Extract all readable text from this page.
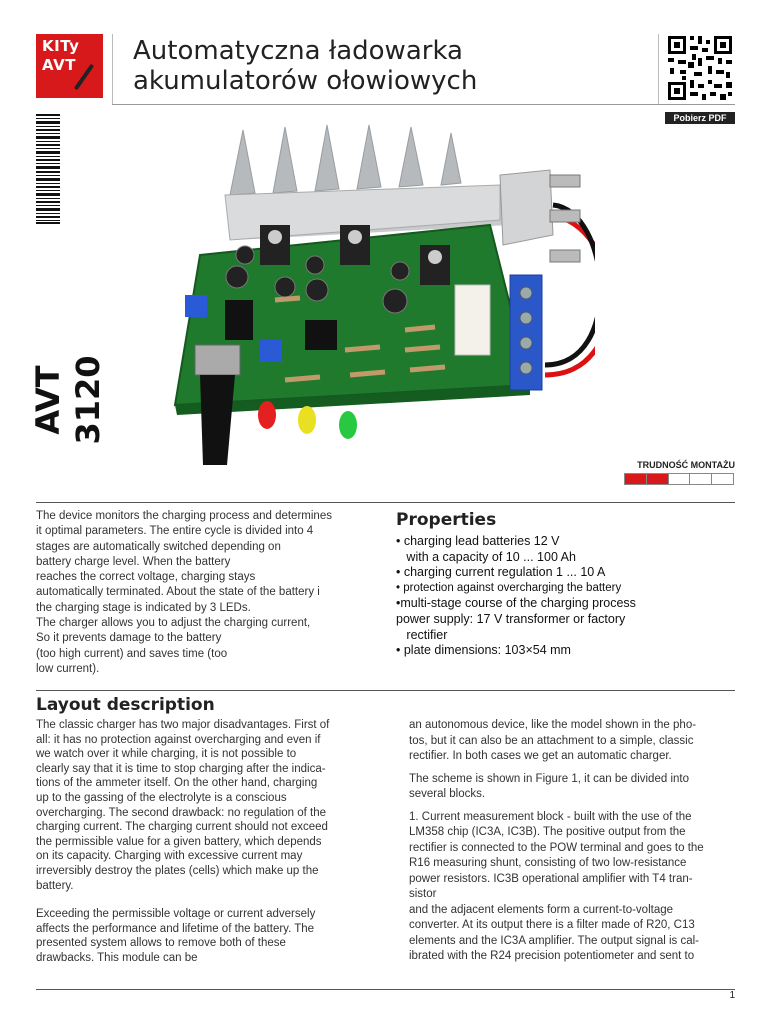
KITy
AVT Automatyczna ładowarka
akumulatorów ołowiowych
Pobierz PDF
AVT 3120
TRUDNOŚĆ MONTAŻU
The device monitors the charging process and determines
it optimal parameters. The entire cycle is divided into 4
stages are automatically switched depending on
battery charge level. When the battery
reaches the correct voltage, charging stays
automatically terminated. About the state of the battery i
the charging stage is indicated by 3 LEDs.
The charger allows you to adjust the charging current,
So it prevents damage to the battery
(too high current) and saves time (too
low current).
Properties
• charging lead batteries 12 V
with a capacity of 10 ... 100 Ah
• charging current regulation 1 ... 10 A
• protection against overcharging the battery
•multi-stage course of the charging process
power supply: 17 V transformer or factory
rectifier
• plate dimensions: 103×54 mm
Layout description
The classic charger has two major disadvantages. First of
all: it has no protection against overcharging and even if
we watch over it while charging, it is not possible to
clearly say that it is time to stop charging after the indica-
tions of the ammeter itself. On the other hand, charging
up to the gassing of the electrolyte is a conscious
overcharging. The second drawback: no regulation of the
charging current. The charging current should not exceed
the permissible value for a given battery, which depends
on its capacity. Charging with excessive current may
irreversibly destroy the plates (cells) which make up the
battery.
Exceeding the permissible voltage or current adversely
affects the performance and lifetime of the battery. The
presented system allows to remove both of these
drawbacks. This module can be
an autonomous device, like the model shown in the pho-
tos, but it can also be an attachment to a simple, classic
rectifier. In both cases we get an automatic charger.
The scheme is shown in Figure 1, it can be divided into
several blocks.
1. Current measurement block - built with the use of the
LM358 chip (IC3A, IC3B). The positive output from the
rectifier is connected to the POW terminal and goes to the
R16 measuring shunt, consisting of two low-resistance
power resistors. IC3B operational amplifier with T4 tran-
sistor
and the adjacent elements form a current-to-voltage
converter. At its output there is a filter made of R20, C13
elements and the IC3A amplifier. The output signal is cal-
ibrated with the R24 precision potentiometer and sent to
1
